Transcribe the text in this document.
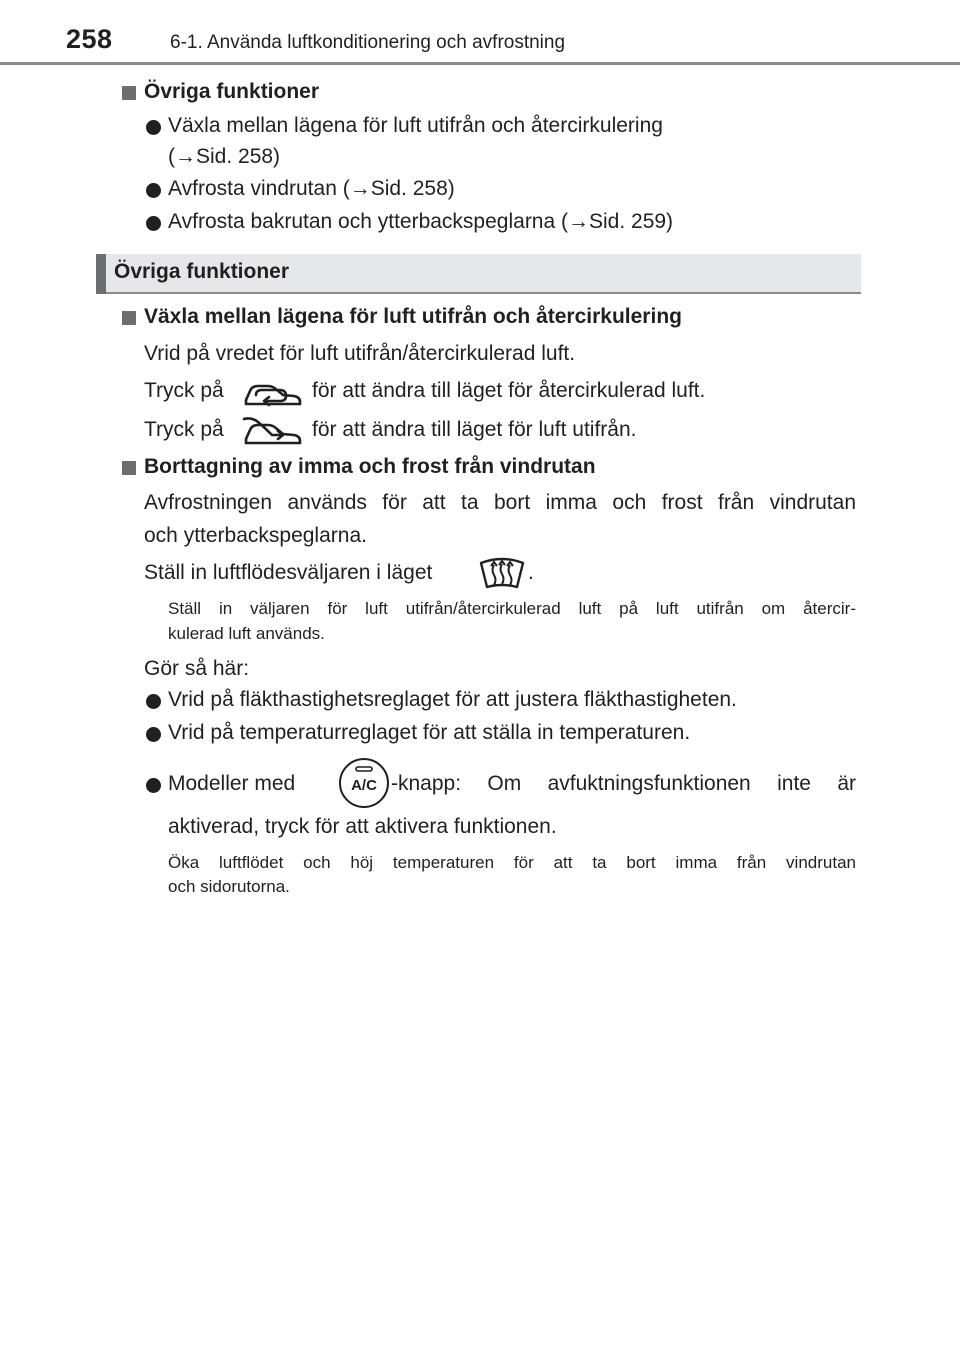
258	6-1. Använda luftkonditionering och avfrostning
Övriga funktioner
Växla mellan lägena för luft utifrån och återcirkulering
(→Sid. 258)
Avfrosta vindrutan (→Sid. 258)
Avfrosta bakrutan och ytterbackspeglarna (→Sid. 259)
Övriga funktioner
Växla mellan lägena för luft utifrån och återcirkulering
Vrid på vredet för luft utifrån/återcirkulerad luft.
Tryck på	för att ändra till läget för återcirkulerad luft.
Tryck på	för att ändra till läget för luft utifrån.
Borttagning av imma och frost från vindrutan
Avfrostningen används för att ta bort imma och frost från vindrutan
och ytterbackspeglarna.
Ställ in luftflödesväljaren i läget	.
Ställ in väljaren för luft utifrån/återcirkulerad luft på luft utifrån om återcir-
kulerad luft används.
Gör så här:
Vrid på fläkthastighetsreglaget för att justera fläkthastigheten.
Vrid på temperaturreglaget för att ställa in temperaturen.
Modeller med	A/C -knapp: Om avfuktningsfunktionen inte är
aktiverad, tryck för att aktivera funktionen.
Öka luftflödet och höj temperaturen för att ta bort imma från vindrutan
och sidorutorna.
